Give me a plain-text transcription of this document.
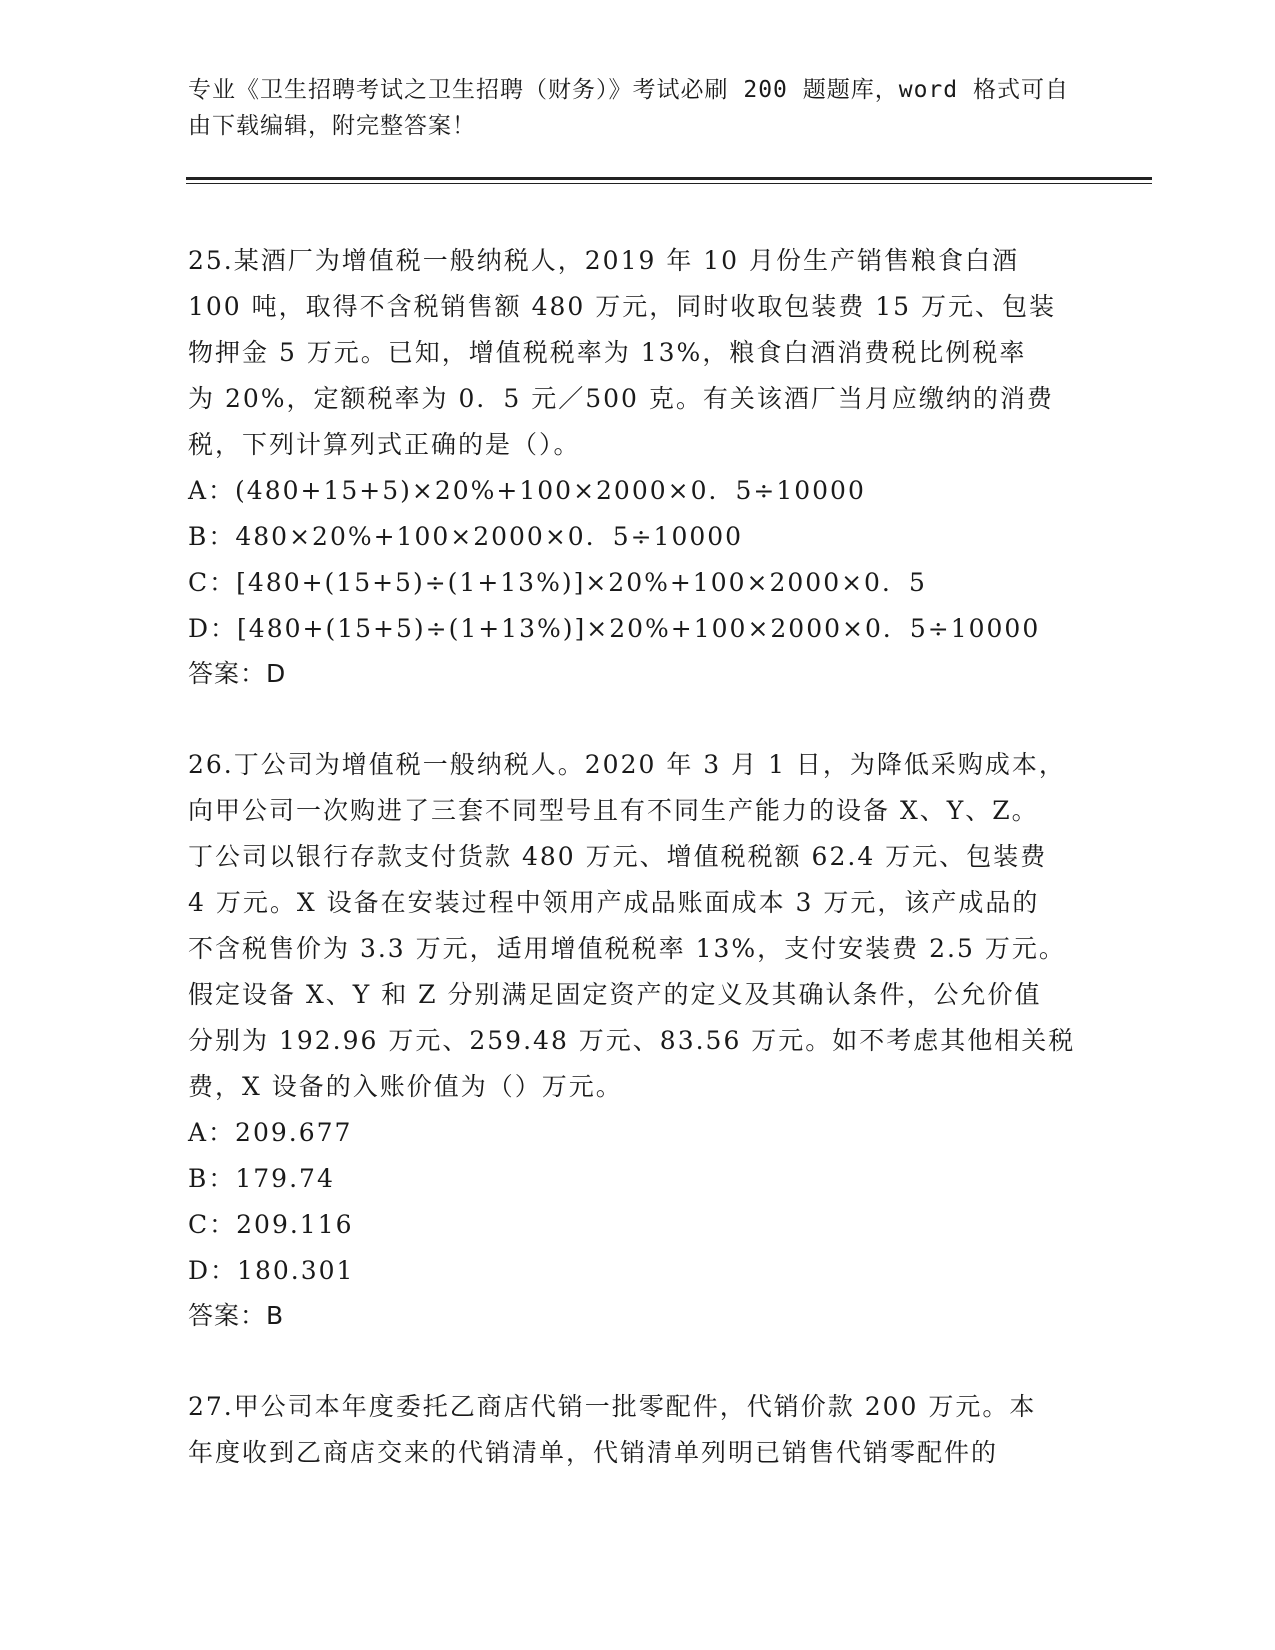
专业《卫生招聘考试之卫生招聘（财务）》考试必刷 200 题题库，word 格式可自
由下载编辑，附完整答案！
25.某酒厂为增值税一般纳税人，2019 年 10 月份生产销售粮食白酒
100 吨，取得不含税销售额 480 万元，同时收取包装费 15 万元、包装
物押金 5 万元。已知，增值税税率为 13%，粮食白酒消费税比例税率
为 20%，定额税率为 0．5 元／500 克。有关该酒厂当月应缴纳的消费
税，下列计算列式正确的是（）。
A：(480+15+5)×20%+100×2000×0．5÷10000
B：480×20%+100×2000×0．5÷10000
C：[480+(15+5)÷(1+13%)]×20%+100×2000×0．5
D：[480+(15+5)÷(1+13%)]×20%+100×2000×0．5÷10000
答案：D
26.丁公司为增值税一般纳税人。2020 年 3 月 1 日，为降低采购成本，
向甲公司一次购进了三套不同型号且有不同生产能力的设备 X、Y、Z。
丁公司以银行存款支付货款 480 万元、增值税税额 62.4 万元、包装费
4 万元。X 设备在安装过程中领用产成品账面成本 3 万元，该产成品的
不含税售价为 3.3 万元，适用增值税税率 13%，支付安装费 2.5 万元。
假定设备 X、Y 和 Z 分别满足固定资产的定义及其确认条件，公允价值
分别为 192.96 万元、259.48 万元、83.56 万元。如不考虑其他相关税
费，X 设备的入账价值为（）万元。
A：209.677
B：179.74
C：209.116
D：180.301
答案：B
27.甲公司本年度委托乙商店代销一批零配件，代销价款 200 万元。本
年度收到乙商店交来的代销清单，代销清单列明已销售代销零配件的
